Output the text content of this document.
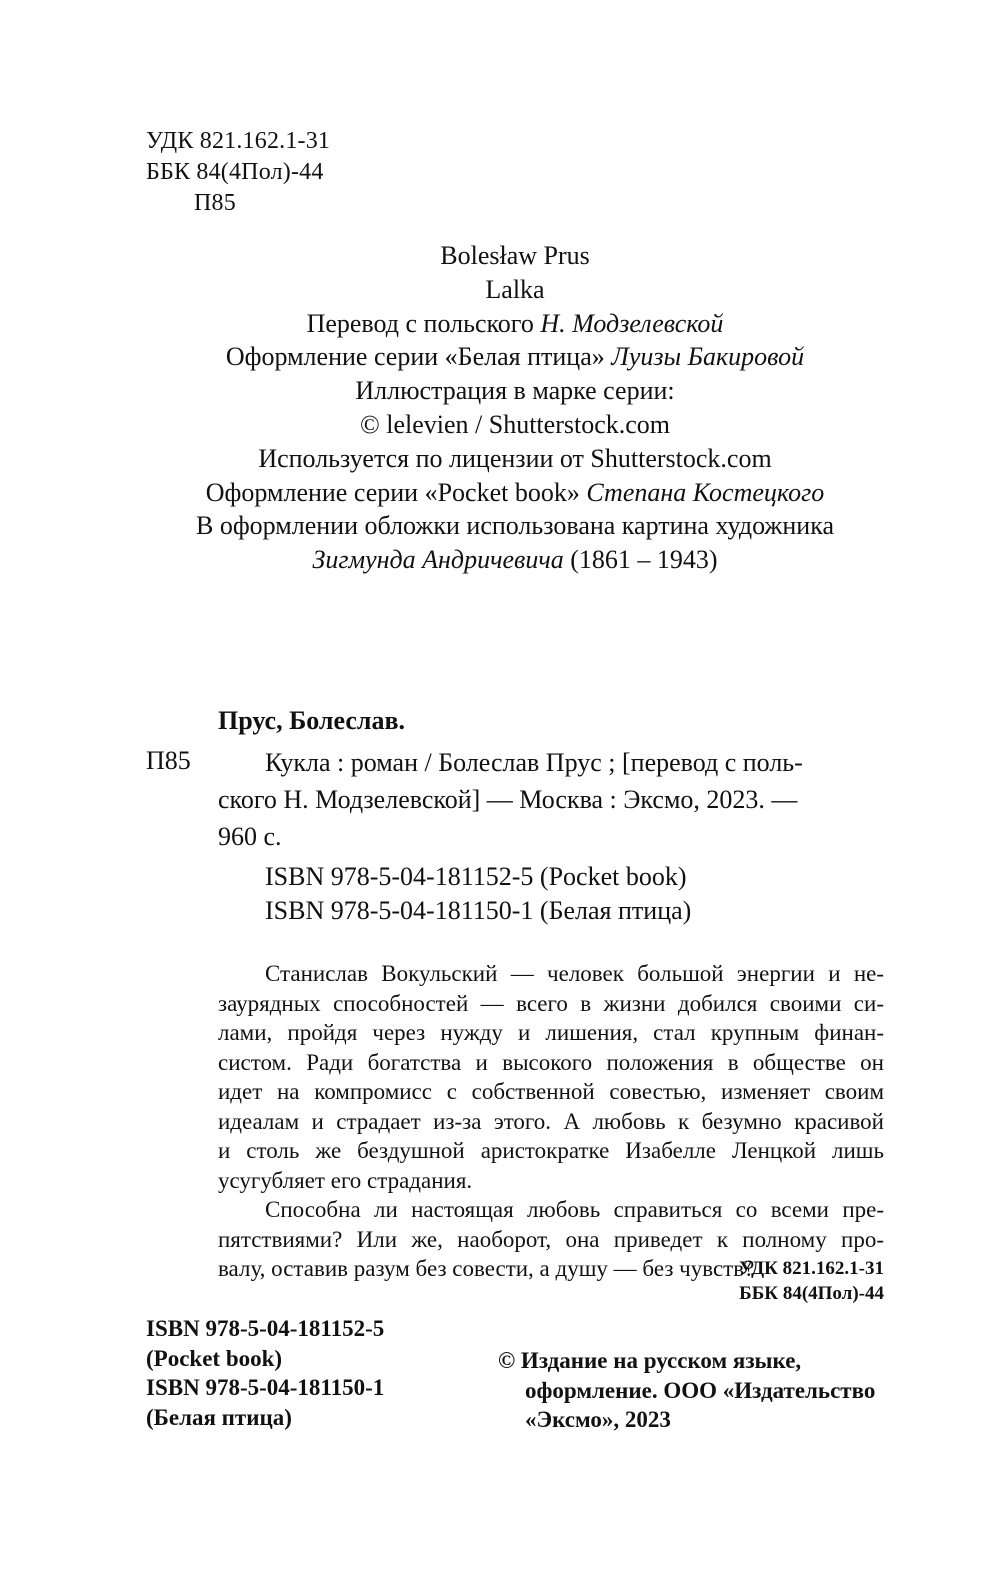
УДК 821.162.1-31
ББК 84(4Пол)-44
П85
Bolesław Prus
Lalka
Перевод с польского Н. Модзелевской
Оформление серии «Белая птица» Луизы Бакировой
Иллюстрация в марке серии:
© lelevien / Shutterstock.com
Используется по лицензии от Shutterstock.com
Оформление серии «Pocket book» Степана Костецкого
В оформлении обложки использована картина художника
Зигмунда Андричевича (1861 – 1943)
Прус, Болеслав.
П85	Кукла : роман / Болеслав Прус ; [перевод с поль-
ского Н. Модзелевской] — Москва : Эксмо, 2023. —
960 с.
ISBN 978-5-04-181152-5 (Pocket book)
ISBN 978-5-04-181150-1 (Белая птица)
Станислав Вокульский — человек большой энергии и не-
заурядных способностей — всего в жизни добился своими си-
лами, пройдя через нужду и лишения, стал крупным финан-
систом. Ради богатства и высокого положения в обществе он
идет на компромисс с собственной совестью, изменяет своим
идеалам и страдает из-за этого. А любовь к безумно красивой
и столь же бездушной аристократке Изабелле Ленцкой лишь
усугубляет его страдания.
Способна ли настоящая любовь справиться со всеми пре-
пятствиями? Или же, наоборот, она приведет к полному про-
валу, оставив разум без совести, а душу — без чувств?
УДК 821.162.1-31
ББК 84(4Пол)-44
ISBN 978-5-04-181152-5
(Pocket book)
ISBN 978-5-04-181150-1
(Белая птица)
© Издание на русском языке,
оформление. ООО «Издательство
«Эксмо», 2023
